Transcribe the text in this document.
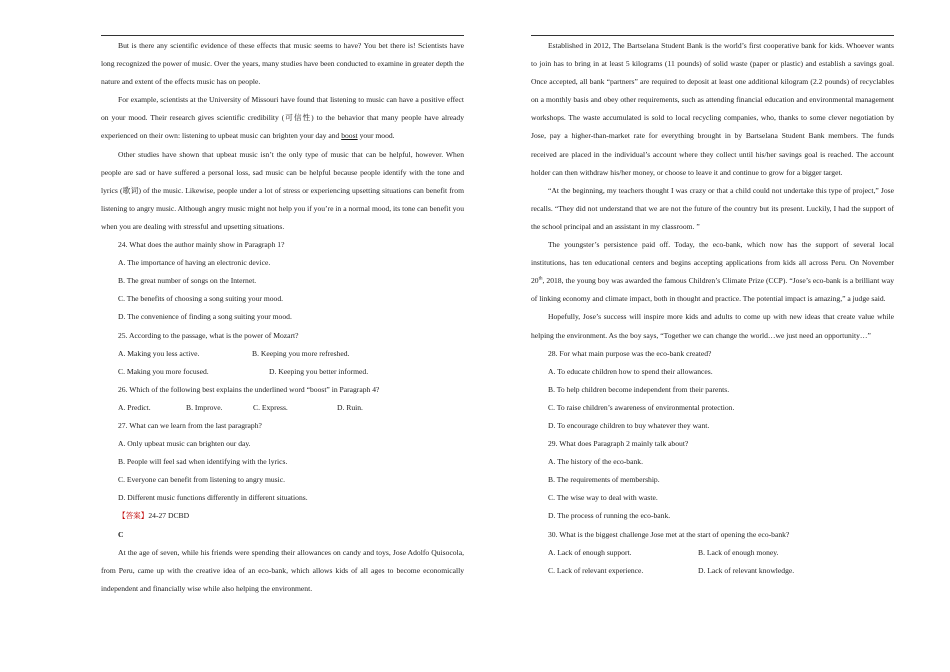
But is there any scientific evidence of these effects that music seems to have? You bet there is! Scientists have long recognized the power of music. Over the years, many studies have been conducted to examine in greater depth the nature and extent of the effects music has on people.

For example, scientists at the University of Missouri have found that listening to music can have a positive effect on your mood. Their research gives scientific credibility (可信性) to the behavior that many people have already experienced on their own: listening to upbeat music can brighten your day and boost your mood.

Other studies have shown that upbeat music isn’t the only type of music that can be helpful, however. When people are sad or have suffered a personal loss, sad music can be helpful because people identify with the tone and lyrics (歌词) of the music. Likewise, people under a lot of stress or experiencing upsetting situations can benefit from listening to angry music. Although angry music might not help you if you’re in a normal mood, its tone can benefit you when you are dealing with stressful and upsetting situations.

24. What does the author mainly show in Paragraph 1?

A. The importance of having an electronic device.

B. The great number of songs on the Internet.

C. The benefits of choosing a song suiting your mood.

D. The convenience of finding a song suiting your mood.

25. According to the passage, what is the power of Mozart?

A. Making you less active.	B. Keeping you more refreshed.
C. Making you more focused.	D. Keeping you better informed.

26. Which of the following best explains the underlined word “boost” in Paragraph 4?

A. Predict.	B. Improve.	C. Express.	D. Ruin.

27. What can we learn from the last paragraph?

A. Only upbeat music can brighten our day.

B. People will feel sad when identifying with the lyrics.

C. Everyone can benefit from listening to angry music.

D. Different music functions differently in different situations.

【答案】24-27 DCBD

C

At the age of seven, while his friends were spending their allowances on candy and toys, Jose Adolfo Quisocola, from Peru, came up with the creative idea of an eco-bank, which allows kids of all ages to become economically independent and financially wise while also helping the environment.

Established in 2012, The Bartselana Student Bank is the world’s first cooperative bank for kids. Whoever wants to join has to bring in at least 5 kilograms (11 pounds) of solid waste (paper or plastic) and establish a savings goal. Once accepted, all bank “partners” are required to deposit at least one additional kilogram (2.2 pounds) of recyclables on a monthly basis and obey other requirements, such as attending financial education and environmental management workshops. The waste accumulated is sold to local recycling companies, who, thanks to some clever negotiation by Jose, pay a higher-than-market rate for everything brought in by Bartselana Student Bank members. The funds received are placed in the individual’s account where they collect until his/her savings goal is reached. The account holder can then withdraw his/her money, or choose to leave it and continue to grow for a bigger target.

“At the beginning, my teachers thought I was crazy or that a child could not undertake this type of project,” Jose recalls. “They did not understand that we are not the future of the country but its present. Luckily, I had the support of the school principal and an assistant in my classroom. ”

The youngster’s persistence paid off. Today, the eco-bank, which now has the support of several local institutions, has ten educational centers and begins accepting applications from kids all across Peru. On November 20th, 2018, the young boy was awarded the famous Children’s Climate Prize (CCP). “Jose’s eco-bank is a brilliant way of linking economy and climate impact, both in thought and practice. The potential impact is amazing,” a judge said.

Hopefully, Jose’s success will inspire more kids and adults to come up with new ideas that create value while helping the environment. As the boy says, “Together we can change the world…we just need an opportunity…”

28. For what main purpose was the eco-bank created?

A. To educate children how to spend their allowances.

B. To help children become independent from their parents.

C. To raise children’s awareness of environmental protection.

D. To encourage children to buy whatever they want.

29. What does Paragraph 2 mainly talk about?

A. The history of the eco-bank.

B. The requirements of membership.

C. The wise way to deal with waste.

D. The process of running the eco-bank.

30. What is the biggest challenge Jose met at the start of opening the eco-bank?

A. Lack of enough support.	B. Lack of enough money.
C. Lack of relevant experience.	D. Lack of relevant knowledge.
